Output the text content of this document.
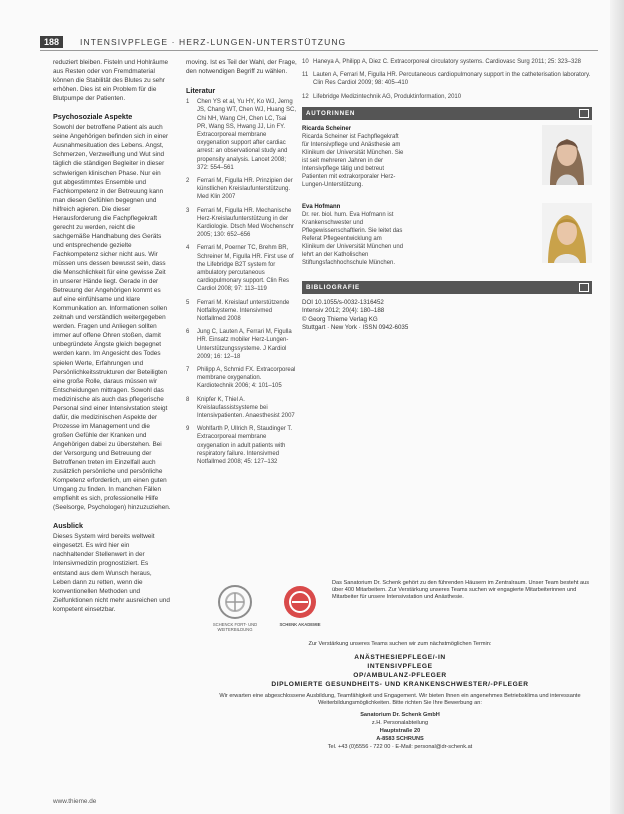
188	INTENSIVPFLEGE · HERZ-LUNGEN-UNTERSTÜTZUNG

reduziert bleiben. Fisteln und Hohlräume aus Resten oder von Fremdmaterial können die Stabilität des Blutes zu sehr erhöhen. Dies ist ein Problem für die Blutpumpe der Patienten.

Psychosoziale Aspekte

Sowohl der betroffene Patient als auch seine Angehörigen befinden sich in einer Ausnahmesituation des Lebens. Angst, Schmerzen, Verzweiflung und Wut sind täglich die ständigen Begleiter in dieser schwierigen klinischen Phase. Nur ein gut abgestimmtes Ensemble und Fachkompetenz in der Betreuung kann man diesen Gefühlen begegnen und hilfreich agieren. Die dieser Herausforderung die Fachpflegekraft gerecht zu werden, reicht die sachgemäße Handhabung des Geräts und entsprechende gezielte Fachkompetenz sicher nicht aus. Wir müssen uns dessen bewusst sein, dass die Menschlichkeit für eine gewisse Zeit in unserer Hände liegt. Gerade in der Betreuung der Angehörigen kommt es auf eine einfühlsame und klare Kommunikation an. Informationen sollen zeitnah und verständlich weitergegeben werden. Fragen und Anliegen sollten immer auf offene Ohren stoßen, damit unbegründete Ängste gleich begegnet werden kann. Im Angesicht des Todes spielen Werte, Erfahrungen und Persönlichkeitsstrukturen der Beteiligten eine große Rolle, daraus müssen wir Entscheidungen mittragen. Sowohl das medizinische als auch das pflegerische Personal sind einer Intensivstation steigt dafür, die medizinischen Aspekte der Prozesse im Management und die großen Gefühle der Kranken und Angehörigen dabei zu überstehen. Bei der Versorgung und Betreuung der Betroffenen treten im Einzelfall auch zusätzlich persönliche und persönliche Kompetenz erforderlich, um einen guten Umgang zu finden. In manchen Fällen empfiehlt es sich, professionelle Hilfe (Seelsorge, Psychologen) hinzuzuziehen.

Ausblick

Dieses System wird bereits weltweit eingesetzt. Es wird hier ein nachhaltender Stellenwert in der Intensivmedizin prognostiziert. Es entstand aus dem Wunsch heraus, Leben dann zu retten, wenn die konventionellen Methoden und Zielfunktionen nicht mehr ausreichen und kompetent einsetzbar.

moving. Ist es Teil der Wahl, der Frage, den notwendigen Begriff zu wählen.

Literatur
1 Chen YS et al, Yu HY, Ko WJ, Jerng JS, Chang WT, Chen WJ, Huang SC, Chi NH, Wang CH, Chen LC, Tsai PR, Wang SS, Hwang JJ, Lin FY. Extracorporeal membrane oxygenation support after cardiac arrest: an observational study and propensity analysis. Lancet 2008; 372: 554–561
2 Ferrari M, Figulla HR. Prinzipien der künstlichen Kreislaufunterstützung. Med Klin 2007
3 Ferrari M, Figulla HR. Mechanische Herz-Kreislaufunterstützung in der Kardiologie. Dtsch Med Wochenschr 2005; 130: 652–656
4 Ferrari M, Poerner TC, Brehm BR, Schreiner M, Figulla HR. First use of the Lifebridge B2T system for ambulatory percutaneous cardiopulmonary support. Clin Res Cardiol 2008; 97: 113–119
5 Ferrari M. Kreislauf unterstützende Notfallsysteme. Intensivmed Notfallmed 2008
6 Jung C, Lauten A, Ferrari M, Figulla HR. Einsatz mobiler Herz-Lungen-Unterstützungssysteme. J Kardiol 2009; 16: 12–18
7 Philipp A, Schmid FX. Extracorporeal membrane oxygenation. Kardiotechnik 2006; 4: 101–105
8 Knipfer K, Thiel A. Kreislaufassistsysteme bei Intensivpatienten. Anaesthesist 2007
9 Wohlfarth P, Ullrich R, Staudinger T. Extracorporeal membrane oxygenation in adult patients with respiratory failure. Intensivmed Notfallmed 2008; 45: 127–132
10 Haneya A, Philipp A, Diez C. Extracorporeal circulatory systems. Cardiovasc Surg 2011; 25: 323–328
11 Lauten A, Ferrari M, Figulla HR. Percutaneous cardiopulmonary support in the catheterisation laboratory. Clin Res Cardiol 2009; 98: 405–410
12 Lifebridge Medizintechnik AG, Produktinformation, 2010
AUTORINNEN
Ricarda Scheiner
Ricarda Scheiner ist Fachpflegekraft für Intensivpflege und Anästhesie am Klinikum der Universität München. Sie ist seit mehreren Jahren in der Intensivpflege tätig und betreut Patienten mit extrakorporaler Herz-Lungen-Unterstützung.
Eva Hofmann
Dr. rer. biol. hum. Eva Hofmann ist Krankenschwester und Pflegewissenschaftlerin. Sie leitet das Referat Pflegeentwicklung am Klinikum der Universität München und lehrt an der Katholischen Stiftungsfachhochschule München.
BIBLIOGRAFIE
DOI 10.1055/s-0032-1316452
Intensiv 2012; 20(4): 180–188
© Georg Thieme Verlag KG
Stuttgart · New York · ISSN 0942-6035
SCHENCK FORT- UND WEITERBILDUNG
SCHENK AKADEMIE
Das Sanatorium Dr. Schenk gehört zu den führenden Häusern im Zentralraum. Unser Team besteht aus über 400 Mitarbeitern. Zur Verstärkung unseres Teams suchen wir engagierte Mitarbeiterinnen und Mitarbeiter für unsere Intensivstation und Anästhesie.
Zur Verstärkung unseres Teams suchen wir zum nächstmöglichen Termin:
ANÄSTHESIEPFLEGE/-IN
INTENSIVPFLEGE
OP/AMBULANZ-PFLEGER
DIPLOMIERTE GESUNDHEITS- UND KRANKENSCHWESTER/-PFLEGER
Wir erwarten eine abgeschlossene Ausbildung, Teamfähigkeit und Engagement. Wir bieten Ihnen ein angenehmes Betriebsklima und interessante Weiterbildungsmöglichkeiten. Bitte richten Sie Ihre Bewerbung an:
Sanatorium Dr. Schenk GmbH
z.H. Personalabteilung
Hauptstraße 20
A-8583 SCHRUNS
Tel. +43 (0)5556 - 722 00 · E-Mail: personal@dr-schenk.at
www.thieme.de
